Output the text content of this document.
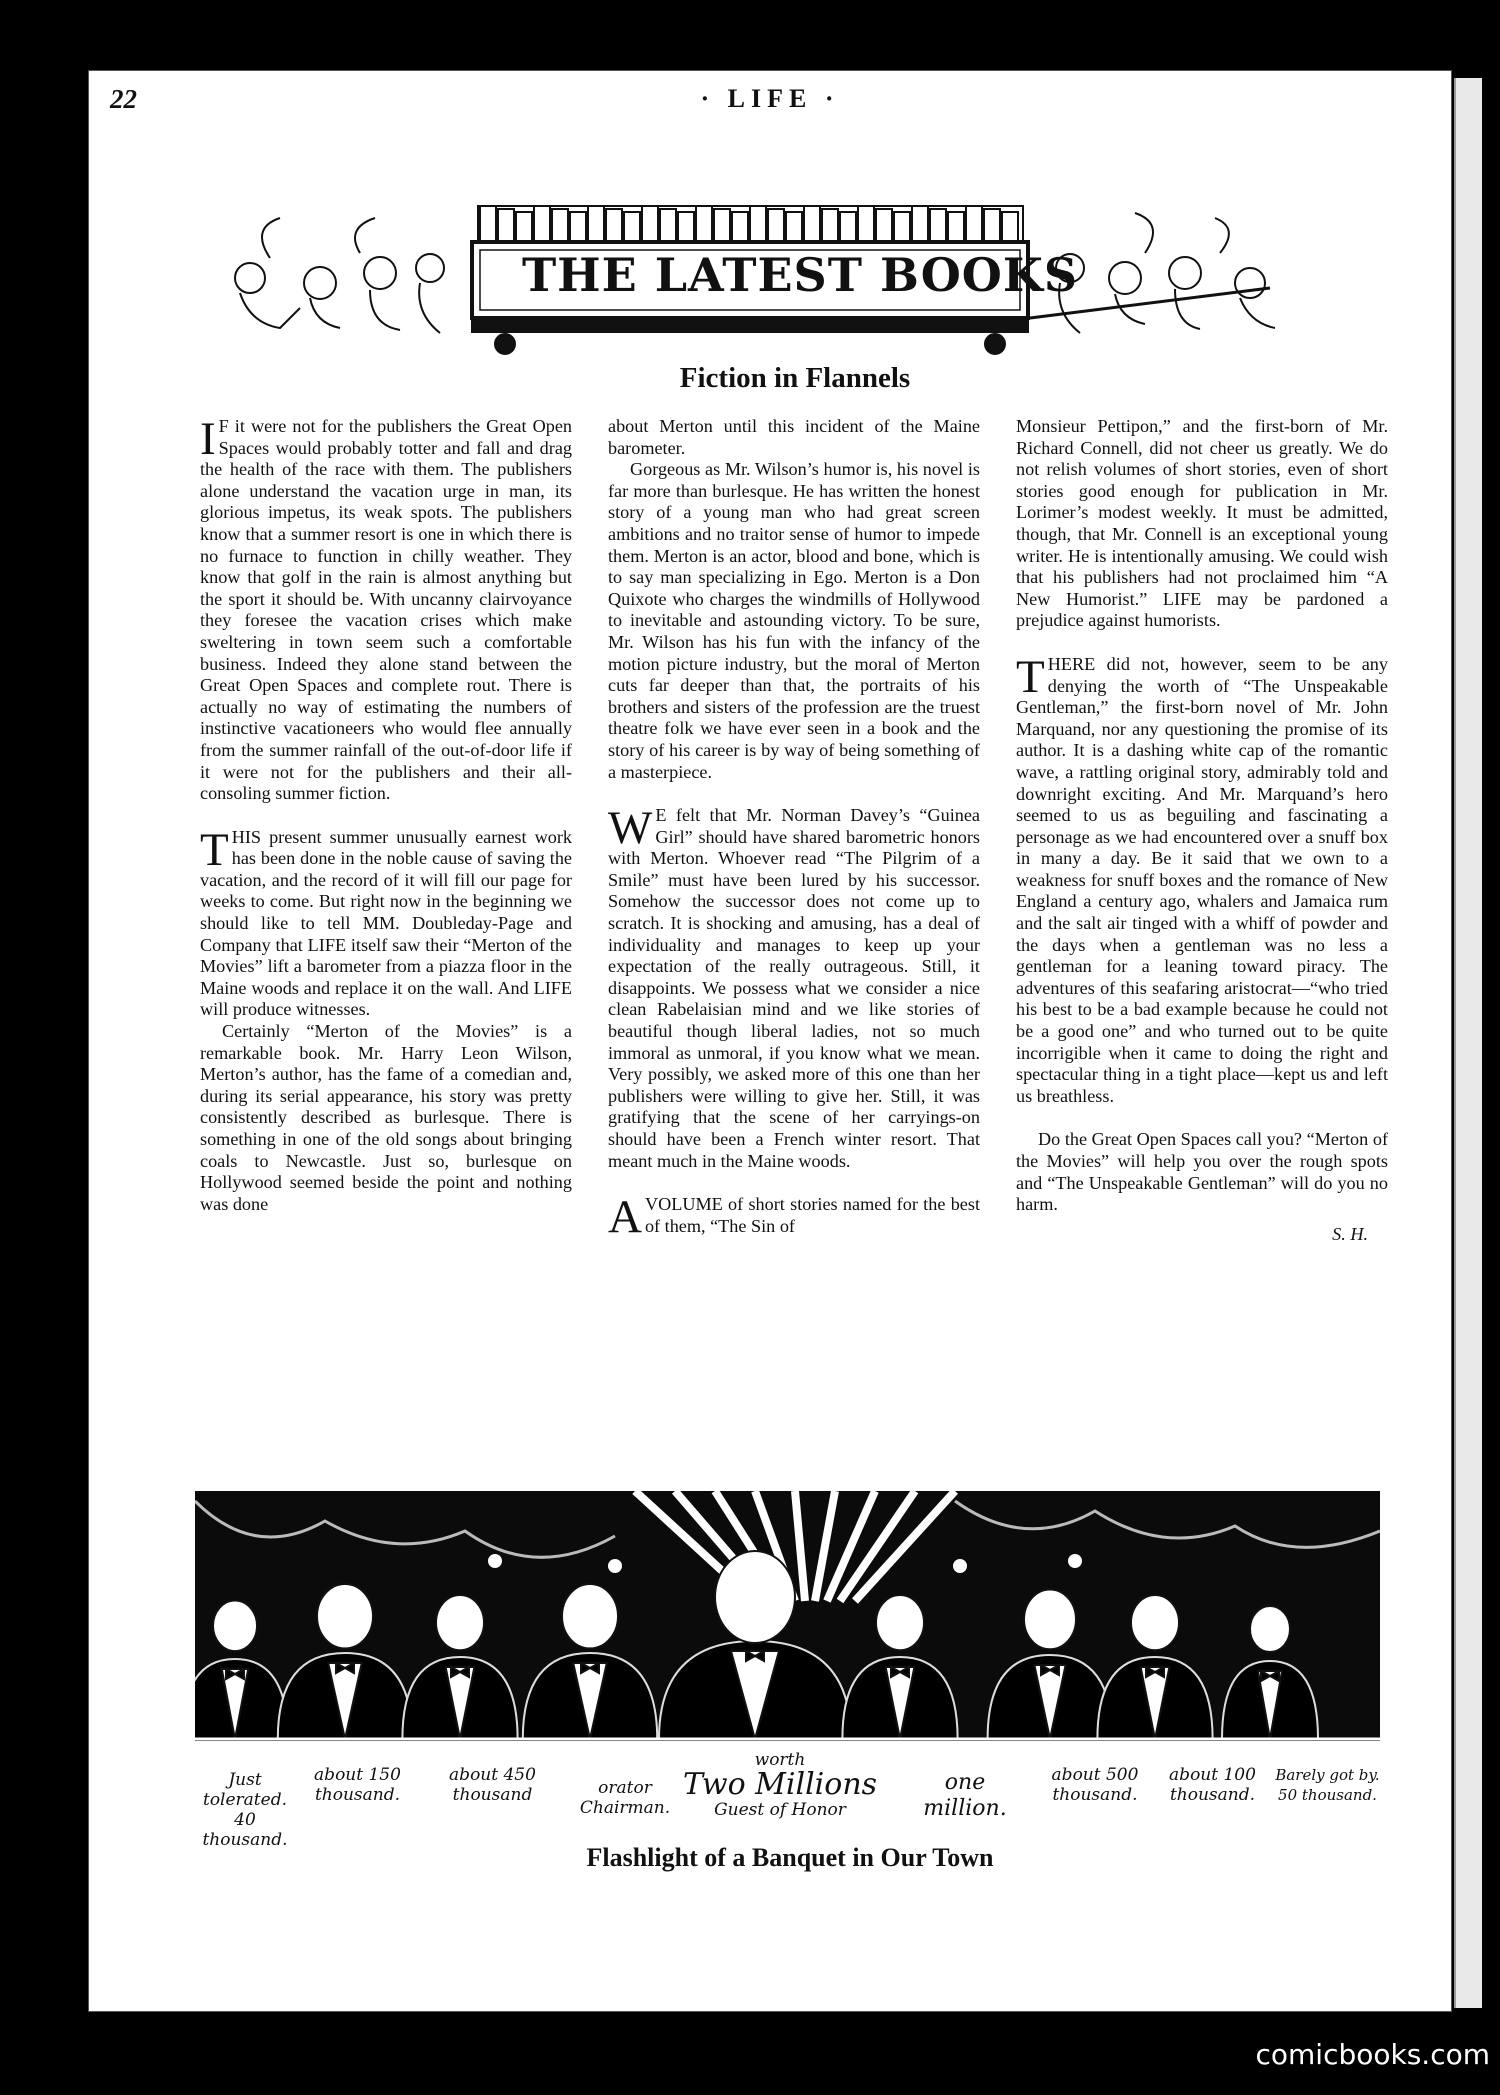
22	· LIFE ·
THE LATEST BOOKS
Fiction in Flannels

I F it were not for the publishers the Great Open Spaces would probably totter and fall and drag the health of the race with them. The publishers alone understand the vacation urge in man, its glorious impetus, its weak spots. The publishers know that a summer resort is one in which there is no furnace to function in chilly weather. They know that golf in the rain is almost anything but the sport it should be. With uncanny clairvoyance they foresee the vacation crises which make sweltering in town seem such a comfortable business. Indeed they alone stand between the Great Open Spaces and complete rout. There is actually no way of estimating the numbers of instinctive vacationeers who would flee annually from the summer rainfall of the out-of-door life if it were not for the publishers and their all-consoling summer fiction.

THIS present summer unusually earnest work has been done in the noble cause of saving the vacation, and the record of it will fill our page for weeks to come. But right now in the beginning we should like to tell MM. Doubleday-Page and Company that LIFE itself saw their “Merton of the Movies” lift a barometer from a piazza floor in the Maine woods and replace it on the wall. And LIFE will produce witnesses.

Certainly “Merton of the Movies” is a remarkable book. Mr. Harry Leon Wilson, Merton’s author, has the fame of a comedian and, during its serial appearance, his story was pretty consistently described as burlesque. There is something in one of the old songs about bringing coals to Newcastle. Just so, burlesque on Hollywood seemed beside the point and nothing was done

about Merton until this incident of the Maine barometer.

Gorgeous as Mr. Wilson’s humor is, his novel is far more than burlesque. He has written the honest story of a young man who had great screen ambitions and no traitor sense of humor to impede them. Merton is an actor, blood and bone, which is to say man specializing in Ego. Merton is a Don Quixote who charges the windmills of Hollywood to inevitable and astounding victory. To be sure, Mr. Wilson has his fun with the infancy of the motion picture industry, but the moral of Merton cuts far deeper than that, the portraits of his brothers and sisters of the profession are the truest theatre folk we have ever seen in a book and the story of his career is by way of being something of a masterpiece.

W E felt that Mr. Norman Davey’s “Guinea Girl” should have shared barometric honors with Merton. Whoever read “The Pilgrim of a Smile” must have been lured by his successor. Somehow the successor does not come up to scratch. It is shocking and amusing, has a deal of individuality and manages to keep up your expectation of the really outrageous. Still, it disappoints. We possess what we consider a nice clean Rabelaisian mind and we like stories of beautiful though liberal ladies, not so much immoral as unmoral, if you know what we mean. Very possibly, we asked more of this one than her publishers were willing to give her. Still, it was gratifying that the scene of her carryings-on should have been a French winter resort. That meant much in the Maine woods.

AVOLUME of short stories named for the best of them, “The Sin of

Monsieur Pettipon,” and the first-born of Mr. Richard Connell, did not cheer us greatly. We do not relish volumes of short stories, even of short stories good enough for publication in Mr. Lorimer’s modest weekly. It must be admitted, though, that Mr. Connell is an exceptional young writer. He is intentionally amusing. We could wish that his publishers had not proclaimed him “A New Humorist.” LIFE may be pardoned a prejudice against humorists.

THERE did not, however, seem to be any denying the worth of “The Unspeakable Gentleman,” the first-born novel of Mr. John Marquand, nor any questioning the promise of its author. It is a dashing white cap of the romantic wave, a rattling original story, admirably told and downright exciting. And Mr. Marquand’s hero seemed to us as beguiling and fascinating a personage as we had encountered over a snuff box in many a day. Be it said that we own to a weakness for snuff boxes and the romance of New England a century ago, whalers and Jamaica rum and the salt air tinged with a whiff of powder and the days when a gentleman was no less a gentleman for a leaning toward piracy. The adventures of this seafaring aristocrat—“who tried his best to be a bad example because he could not be a good one” and who turned out to be quite incorrigible when it came to doing the right and spectacular thing in a tight place—kept us and left us breathless.

Do the Great Open Spaces call you? “Merton of the Movies” will help you over the rough spots and “The Unspeakable Gentleman” will do you no harm.

S. H.
Just tolerated.
40 thousand.
about 150
thousand.
about 450
thousand	orator
Chairman.
worth
Two Millions
Guest of Honor
one
million.
about 500
thousand.
about 100
thousand.
Barely got by.
50 thousand.
Flashlight of a Banquet in Our Town
comicbooks.com
